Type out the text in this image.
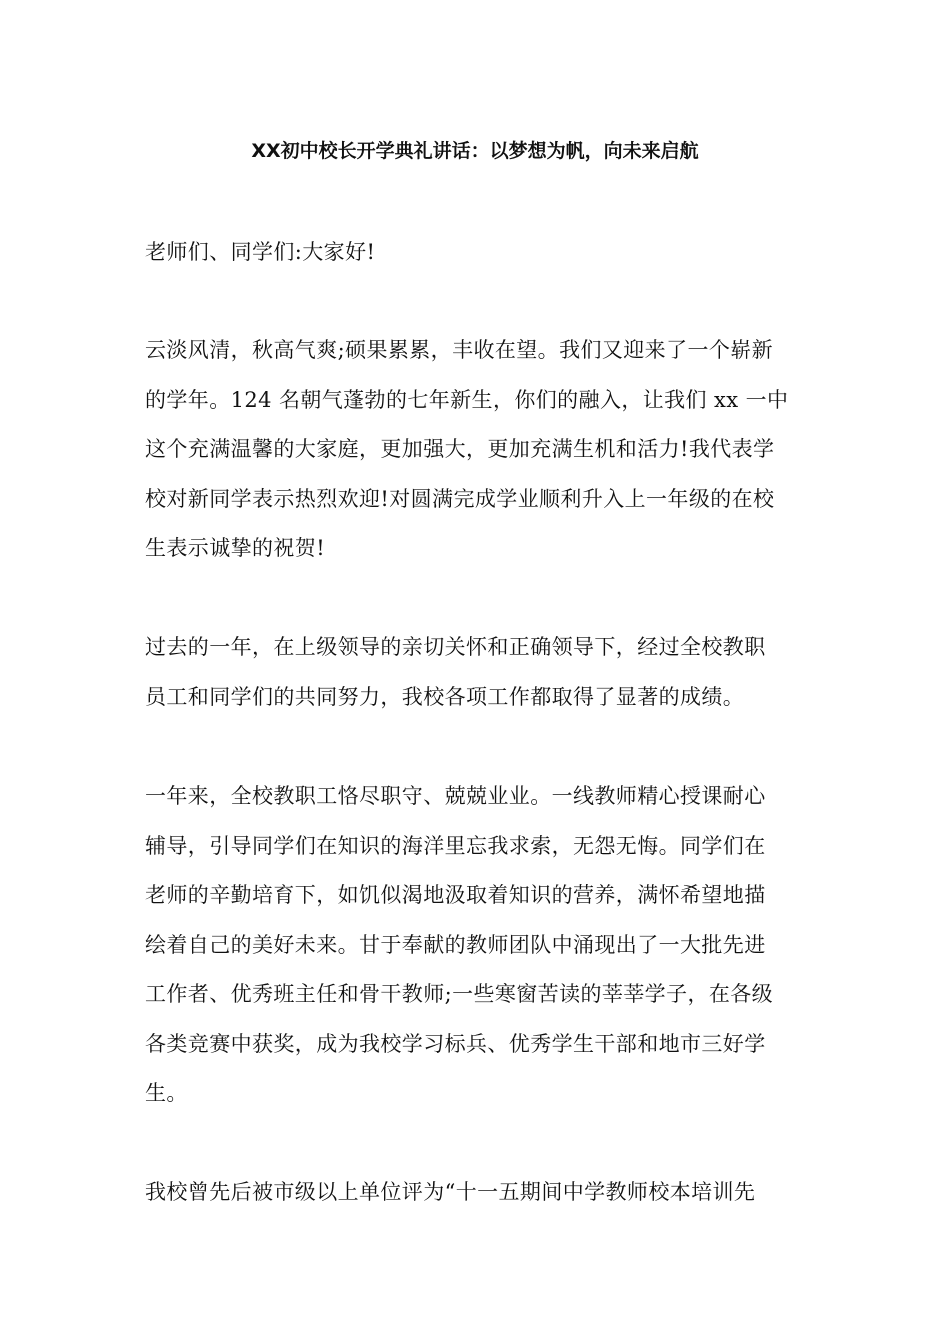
XX初中校长开学典礼讲话：以梦想为帆，向未来启航

老师们、同学们:大家好!

云淡风清，秋高气爽;硕果累累，丰收在望。我们又迎来了一个崭新
的学年。124 名朝气蓬勃的七年新生，你们的融入，让我们 xx 一中
这个充满温馨的大家庭，更加强大，更加充满生机和活力!我代表学
校对新同学表示热烈欢迎!对圆满完成学业顺利升入上一年级的在校
生表示诚挚的祝贺!

过去的一年，在上级领导的亲切关怀和正确领导下，经过全校教职
员工和同学们的共同努力，我校各项工作都取得了显著的成绩。

一年来，全校教职工恪尽职守、兢兢业业。一线教师精心授课耐心
辅导，引导同学们在知识的海洋里忘我求索，无怨无悔。同学们在
老师的辛勤培育下，如饥似渴地汲取着知识的营养，满怀希望地描
绘着自己的美好未来。甘于奉献的教师团队中涌现出了一大批先进
工作者、优秀班主任和骨干教师;一些寒窗苦读的莘莘学子，在各级
各类竞赛中获奖，成为我校学习标兵、优秀学生干部和地市三好学
生。

我校曾先后被市级以上单位评为“十一五期间中学教师校本培训先
